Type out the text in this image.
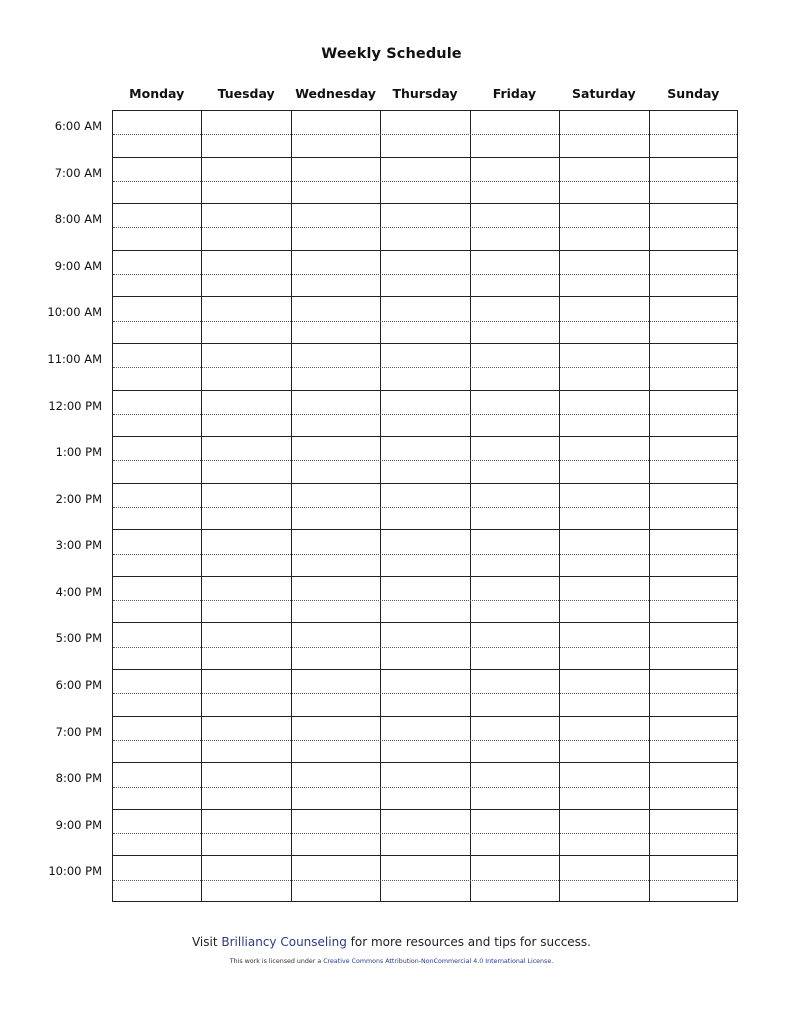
Weekly Schedule
Monday	Tuesday	Wednesday	Thursday	Friday	Saturday	Sunday
6:00 AM
7:00 AM
8:00 AM
9:00 AM
10:00 AM
11:00 AM
12:00 PM
1:00 PM
2:00 PM
3:00 PM
4:00 PM
5:00 PM
6:00 PM
7:00 PM
8:00 PM
9:00 PM
10:00 PM
Visit Brilliancy Counseling for more resources and tips for success.
This work is licensed under a Creative Commons Attribution-NonCommercial 4.0 International License.
